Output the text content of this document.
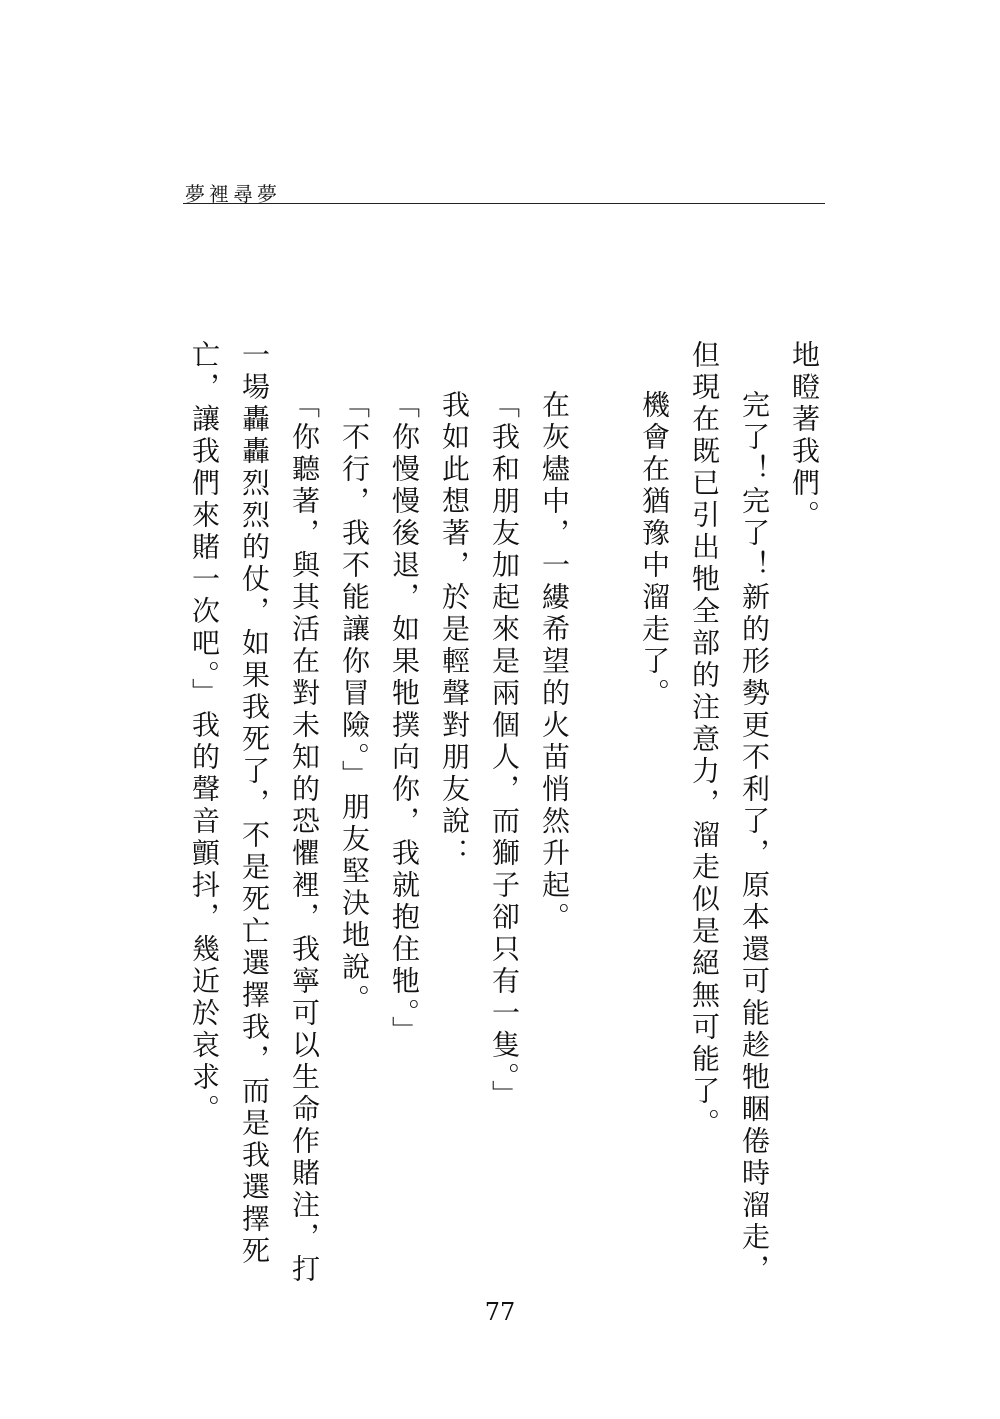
夢裡尋夢
地瞪著我們。
完了！完了！新的形勢更不利了，原本還可能趁牠睏倦時溜走，
但現在既已引出牠全部的注意力，溜走似是絕無可能了。
機會在猶豫中溜走了。
在灰燼中，一縷希望的火苗悄然升起。
「我和朋友加起來是兩個人，而獅子卻只有一隻。」
我如此想著，於是輕聲對朋友說：
「你慢慢後退，如果牠撲向你，我就抱住牠。」
「不行，我不能讓你冒險。」朋友堅決地說。
「你聽著，與其活在對未知的恐懼裡，我寧可以生命作賭注，打
一場轟轟烈烈的仗，如果我死了，不是死亡選擇我，而是我選擇死
亡，讓我們來賭一次吧。」我的聲音顫抖，幾近於哀求。
77
